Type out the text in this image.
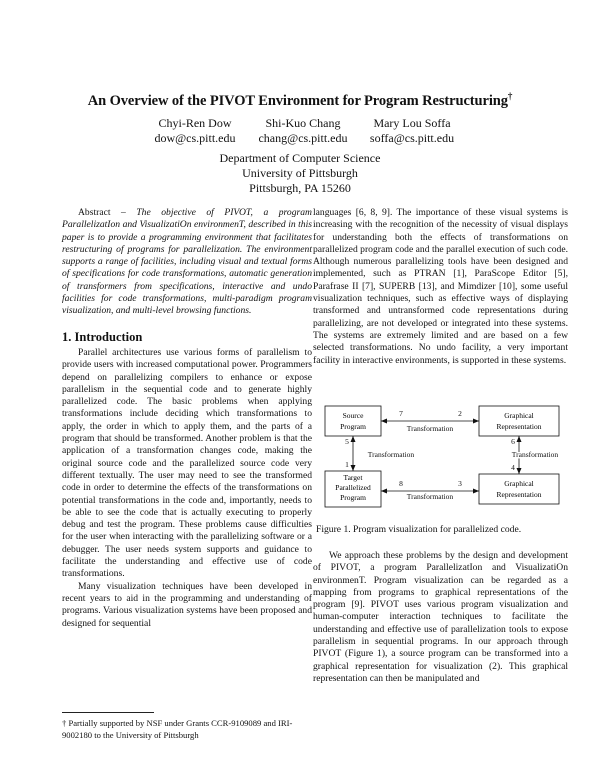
An Overview of the PIVOT Environment for Program Restructuring†
Chyi-Ren Dow
dow@cs.pitt.edu
Shi-Kuo Chang
chang@cs.pitt.edu
Mary Lou Soffa
soffa@cs.pitt.edu
Department of Computer Science
University of Pittsburgh
Pittsburgh, PA 15260

Abstract – The objective of PIVOT, a program ParallelizatIon and VisualizatiOn environmenT, described in this paper is to provide a programming environment that facilitates restructuring of programs for parallelization. The environment supports a range of facilities, including visual and textual forms of specifications for code transformations, automatic generation of transformers from specifications, interactive and undo facilities for code transformations, multi-paradigm program visualization, and multi-level browsing functions.

1. Introduction

Parallel architectures use various forms of parallelism to provide users with increased computational power. Programmers depend on parallelizing compilers to enhance or expose parallelism in the sequential code and to generate highly parallelized code. The basic problems when applying transformations include deciding which transformations to apply, the order in which to apply them, and the parts of a program that should be transformed. Another problem is that the application of a transformation changes code, making the original source code and the parallelized source code very different textually. The user may need to see the transformed code in order to determine the effects of the transformations on potential transformations in the code and, importantly, needs to be able to see the code that is actually executing to properly debug and test the program. These problems cause difficulties for the user when interacting with the parallelizing software or a debugger. The user needs system supports and guidance to facilitate the understanding and effective use of code transformations.

Many visualization techniques have been developed in recent years to aid in the programming and understanding of programs. Various visualization systems have been proposed and designed for sequential

† Partially supported by NSF under Grants CCR-9109089 and IRI-9002180 to the University of Pittsburgh

languages [6, 8, 9]. The importance of these visual systems is increasing with the recognition of the necessity of visual displays for understanding both the effects of transformations on parallelized program code and the parallel execution of such code. Although numerous parallelizing tools have been designed and implemented, such as PTRAN [1], ParaScope Editor [5], Parafrase II [7], SUPERB [13], and Mimdizer [10], some useful visualization techniques, such as effective ways of displaying transformed and untransformed code representations during parallelizing, are not developed or integrated into these systems. The systems are extremely limited and are based on a few selected transformations. No undo facility, a very important facility in interactive environments, is supported in these systems.

Source
Program
Graphical
Representation
Target
Parallelized
Program
Graphical
Representation
Transformation
Transformation
Transformation	Transformation
7	2
5	6
1	4
8	3
Figure 1. Program visualization for parallelized code.

We approach these problems by the design and development of PIVOT, a program ParallelizatIon and VisualizatiOn environmenT. Program visualization can be regarded as a mapping from programs to graphical representations of the program [9]. PIVOT uses various program visualization and human-computer interaction techniques to facilitate the understanding and effective use of parallelization tools to expose parallelism in sequential programs. In our approach through PIVOT (Figure 1), a source program can be transformed into a graphical representation for visualization (2). This graphical representation can then be manipulated and
